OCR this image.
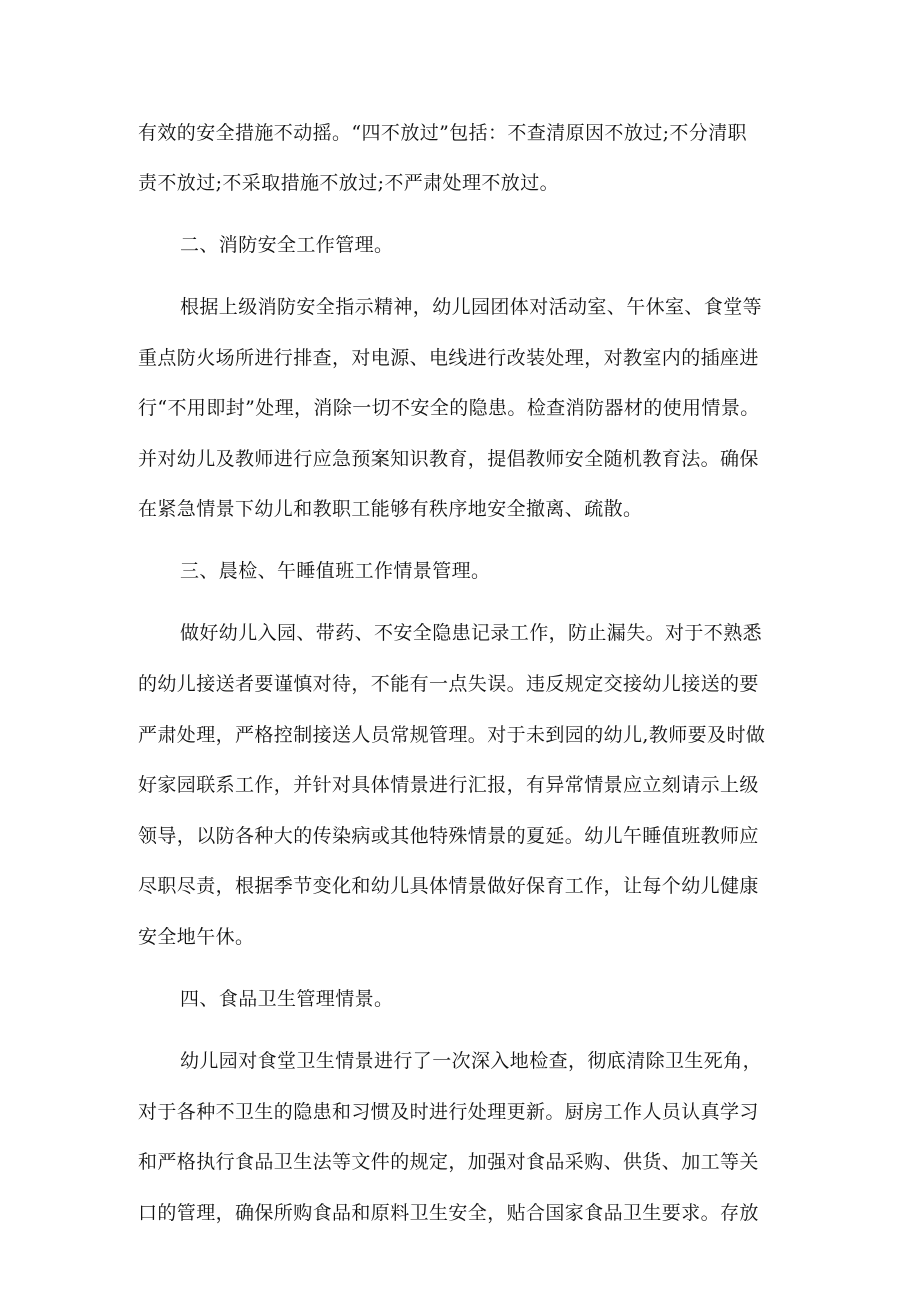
有效的安全措施不动摇。“四不放过”包括：不查清原因不放过;不分清职
责不放过;不采取措施不放过;不严肃处理不放过。
二、消防安全工作管理。
根据上级消防安全指示精神，幼儿园团体对活动室、午休室、食堂等
重点防火场所进行排查，对电源、电线进行改装处理，对教室内的插座进
行“不用即封”处理，消除一切不安全的隐患。检查消防器材的使用情景。
并对幼儿及教师进行应急预案知识教育，提倡教师安全随机教育法。确保
在紧急情景下幼儿和教职工能够有秩序地安全撤离、疏散。
三、晨检、午睡值班工作情景管理。
做好幼儿入园、带药、不安全隐患记录工作，防止漏失。对于不熟悉
的幼儿接送者要谨慎对待，不能有一点失误。违反规定交接幼儿接送的要
严肃处理，严格控制接送人员常规管理。对于未到园的幼儿,教师要及时做
好家园联系工作，并针对具体情景进行汇报，有异常情景应立刻请示上级
领导，以防各种大的传染病或其他特殊情景的夏延。幼儿午睡值班教师应
尽职尽责，根据季节变化和幼儿具体情景做好保育工作，让每个幼儿健康
安全地午休。
四、食品卫生管理情景。
幼儿园对食堂卫生情景进行了一次深入地检查，彻底清除卫生死角，
对于各种不卫生的隐患和习惯及时进行处理更新。厨房工作人员认真学习
和严格执行食品卫生法等文件的规定，加强对食品采购、供货、加工等关
口的管理，确保所购食品和原料卫生安全，贴合国家食品卫生要求。存放
